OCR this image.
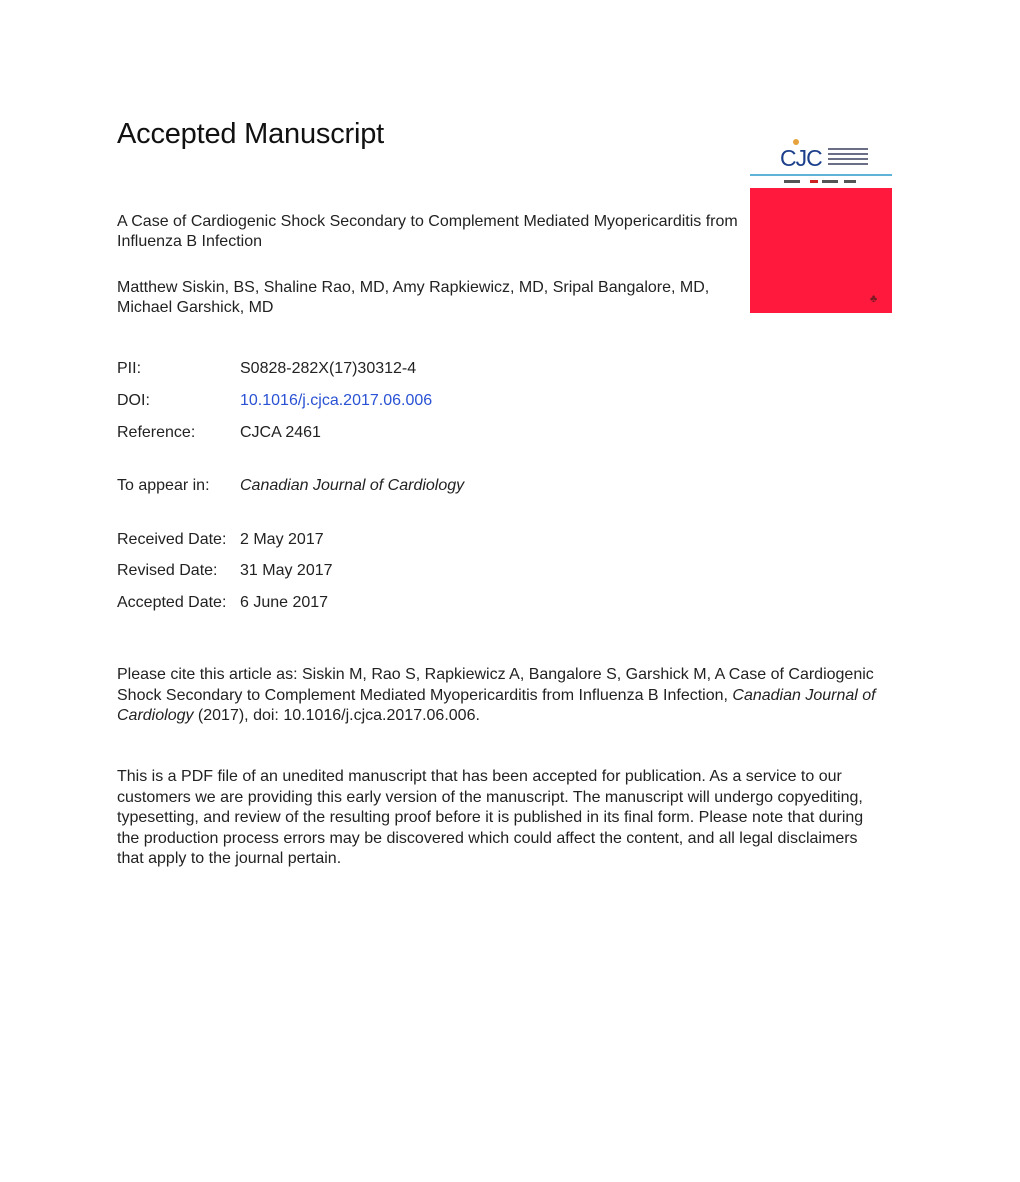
Accepted Manuscript
A Case of Cardiogenic Shock Secondary to Complement Mediated Myopericarditis from Influenza B Infection
Matthew Siskin, BS, Shaline Rao, MD, Amy Rapkiewicz, MD, Sripal Bangalore, MD, Michael Garshick, MD
PII:	S0828-282X(17)30312-4
DOI:	10.1016/j.cjca.2017.06.006
Reference:	CJCA 2461
To appear in: Canadian Journal of Cardiology
Received Date: 2 May 2017
Revised Date: 31 May 2017
Accepted Date: 6 June 2017
Please cite this article as: Siskin M, Rao S, Rapkiewicz A, Bangalore S, Garshick M, A Case of Cardiogenic Shock Secondary to Complement Mediated Myopericarditis from Influenza B Infection, Canadian Journal of Cardiology (2017), doi: 10.1016/j.cjca.2017.06.006.
This is a PDF file of an unedited manuscript that has been accepted for publication. As a service to our customers we are providing this early version of the manuscript. The manuscript will undergo copyediting, typesetting, and review of the resulting proof before it is published in its final form. Please note that during the production process errors may be discovered which could affect the content, and all legal disclaimers that apply to the journal pertain.
CJC
♣
